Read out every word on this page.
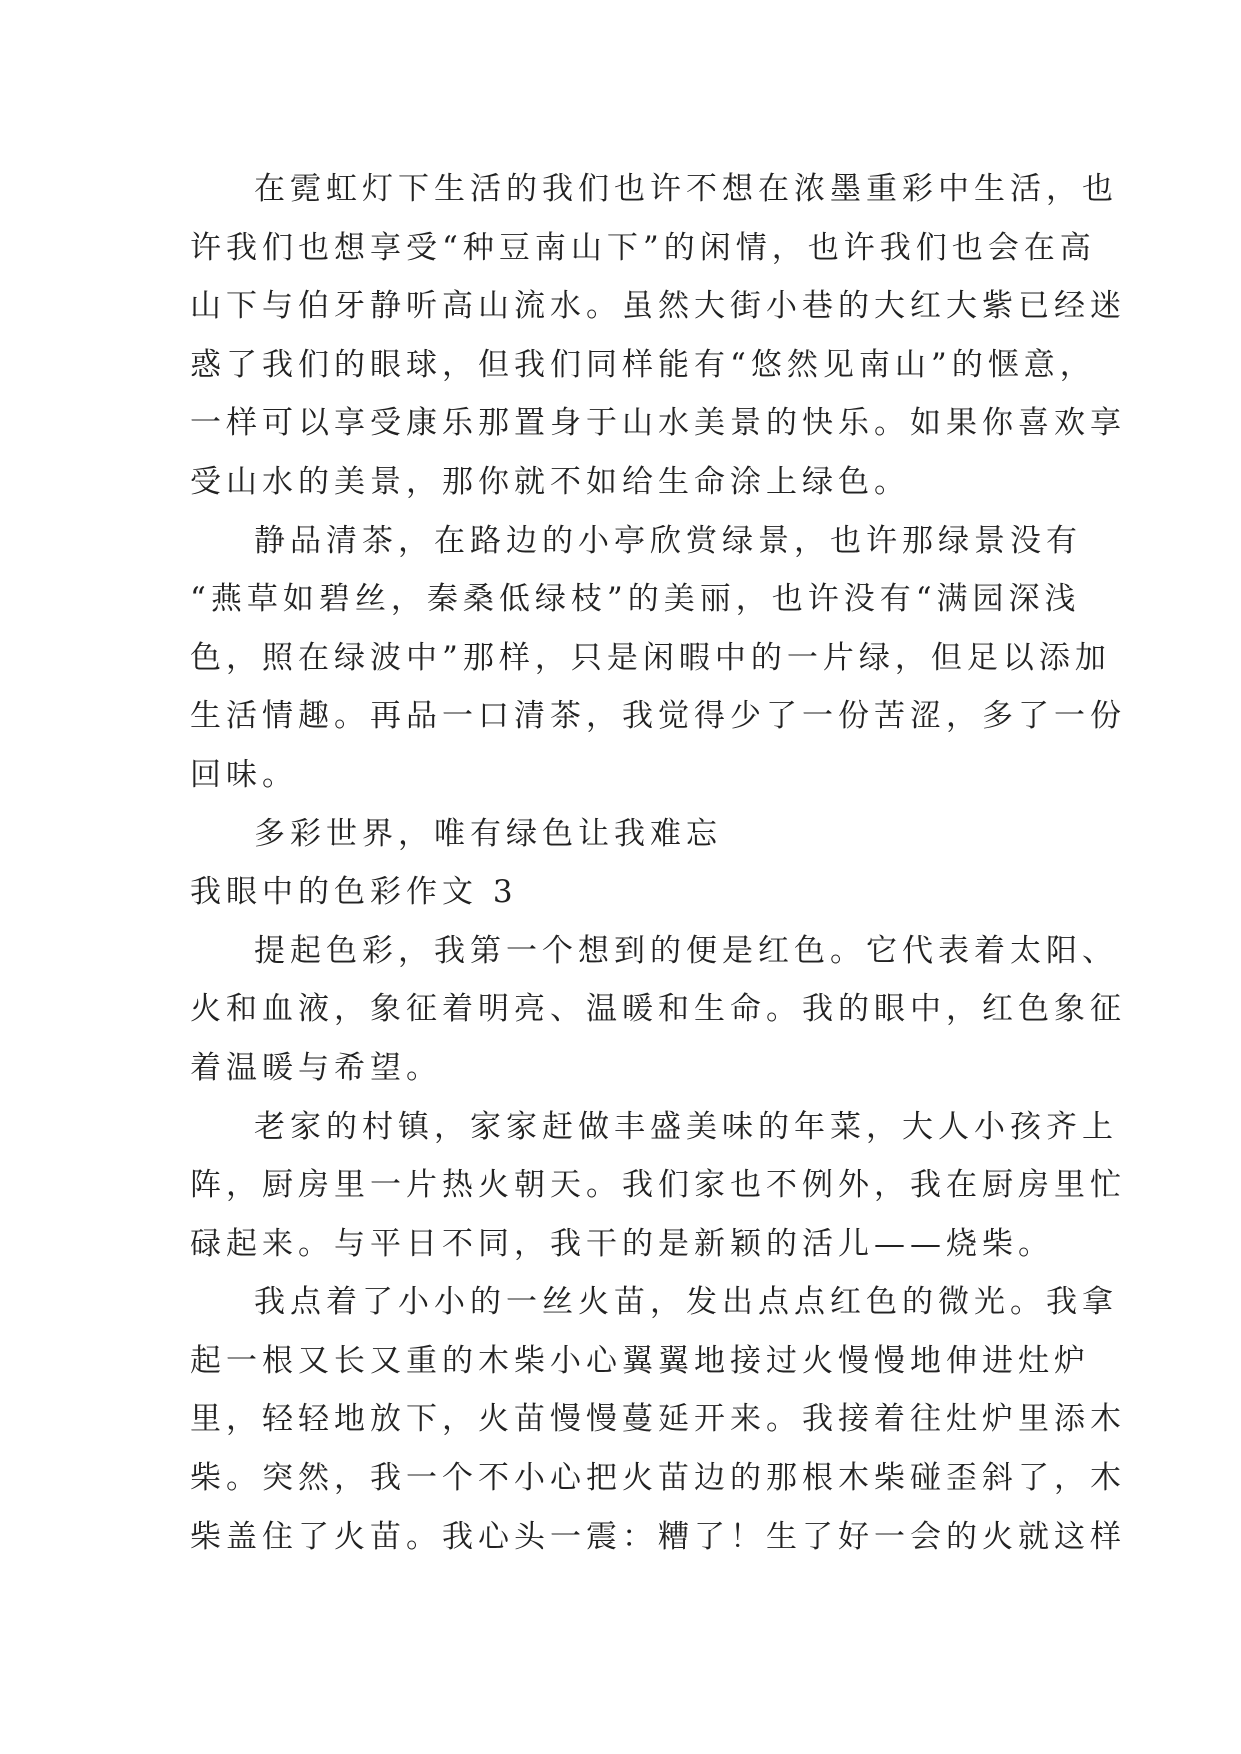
在霓虹灯下生活的我们也许不想在浓墨重彩中生活，也
许我们也想享受“种豆南山下”的闲情，也许我们也会在高
山下与伯牙静听高山流水。虽然大街小巷的大红大紫已经迷
惑了我们的眼球，但我们同样能有“悠然见南山”的惬意，
一样可以享受康乐那置身于山水美景的快乐。如果你喜欢享
受山水的美景，那你就不如给生命涂上绿色。

静品清茶，在路边的小亭欣赏绿景，也许那绿景没有
“燕草如碧丝，秦桑低绿枝”的美丽，也许没有“满园深浅
色，照在绿波中”那样，只是闲暇中的一片绿，但足以添加
生活情趣。再品一口清茶，我觉得少了一份苦涩，多了一份
回味。

多彩世界，唯有绿色让我难忘

我眼中的色彩作文 3

提起色彩，我第一个想到的便是红色。它代表着太阳、
火和血液，象征着明亮、温暖和生命。我的眼中，红色象征
着温暖与希望。

老家的村镇，家家赶做丰盛美味的年菜，大人小孩齐上
阵，厨房里一片热火朝天。我们家也不例外，我在厨房里忙
碌起来。与平日不同，我干的是新颖的活儿——烧柴。

我点着了小小的一丝火苗，发出点点红色的微光。我拿
起一根又长又重的木柴小心翼翼地接过火慢慢地伸进灶炉
里，轻轻地放下，火苗慢慢蔓延开来。我接着往灶炉里添木
柴。突然，我一个不小心把火苗边的那根木柴碰歪斜了，木
柴盖住了火苗。我心头一震：糟了！生了好一会的火就这样
